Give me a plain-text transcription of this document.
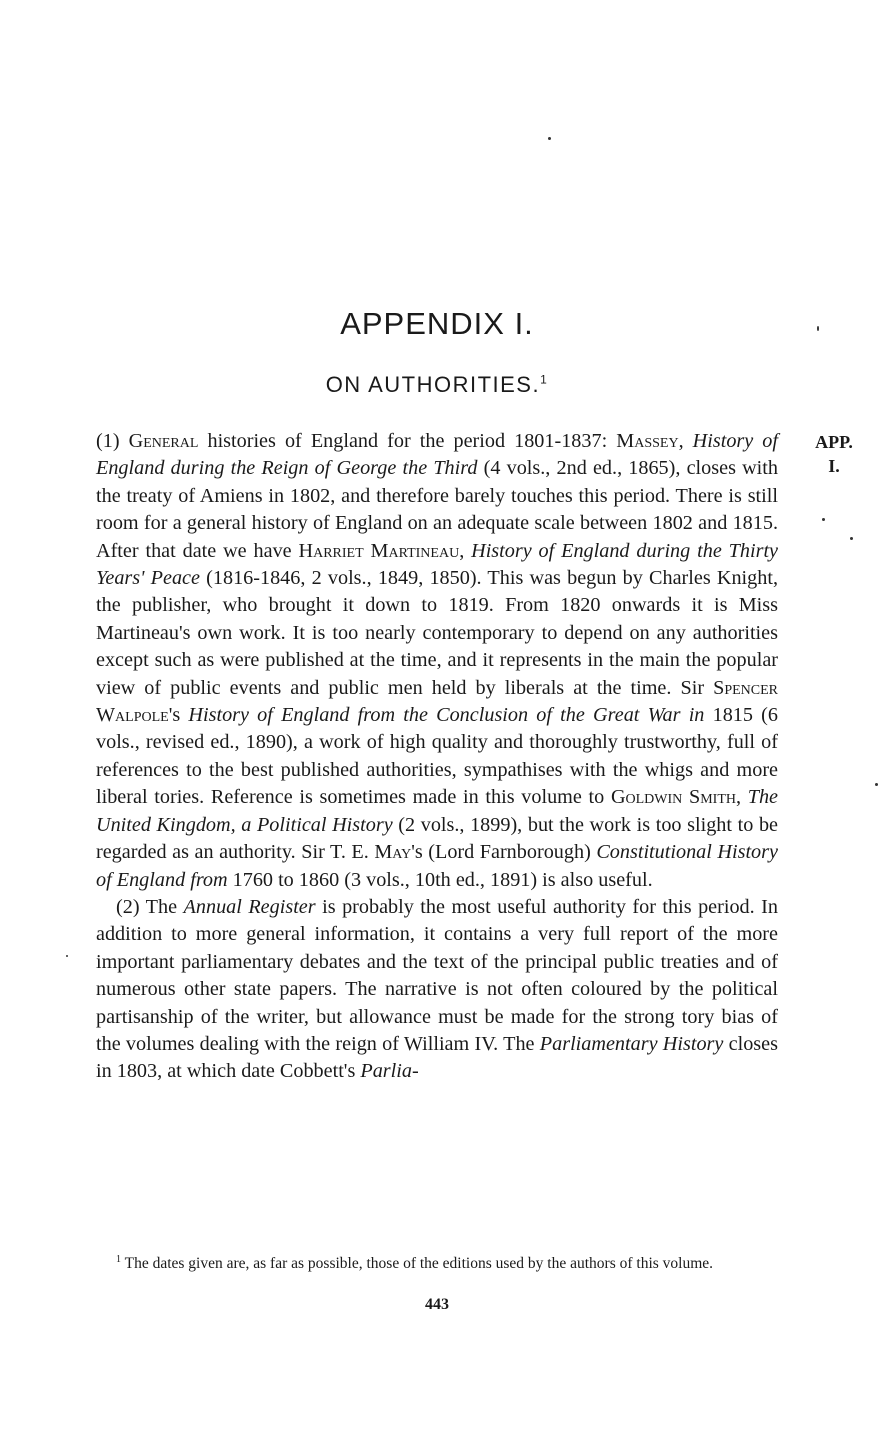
APPENDIX I.
ON AUTHORITIES.$^1$
APP.
I.

(1) General histories of England for the period 1801-1837: Massey, History of England during the Reign of George the Third (4 vols., 2nd ed., 1865), closes with the treaty of Amiens in 1802, and therefore barely touches this period. There is still room for a general history of England on an adequate scale between 1802 and 1815. After that date we have Harriet Martineau, History of England during the Thirty Years' Peace (1816-1846, 2 vols., 1849, 1850). This was begun by Charles Knight, the publisher, who brought it down to 1819. From 1820 onwards it is Miss Martineau's own work. It is too nearly contemporary to depend on any authorities except such as were published at the time, and it represents in the main the popular view of public events and public men held by liberals at the time. Sir Spencer Walpole's History of England from the Conclusion of the Great War in 1815 (6 vols., revised ed., 1890), a work of high quality and thoroughly trustworthy, full of references to the best published authorities, sympathises with the whigs and more liberal tories. Reference is sometimes made in this volume to Goldwin Smith, The United Kingdom, a Political History (2 vols., 1899), but the work is too slight to be regarded as an authority. Sir T. E. May's (Lord Farnborough) Constitutional History of England from 1760 to 1860 (3 vols., 10th ed., 1891) is also useful.

(2) The Annual Register is probably the most useful authority for this period. In addition to more general information, it contains a very full report of the more important parliamentary debates and the text of the principal public treaties and of numerous other state papers. The narrative is not often coloured by the political partisanship of the writer, but allowance must be made for the strong tory bias of the volumes dealing with the reign of William IV. The Parliamentary History closes in 1803, at which date Cobbett's Parlia-

$^1$ The dates given are, as far as possible, those of the editions used by the authors of this volume.
443
